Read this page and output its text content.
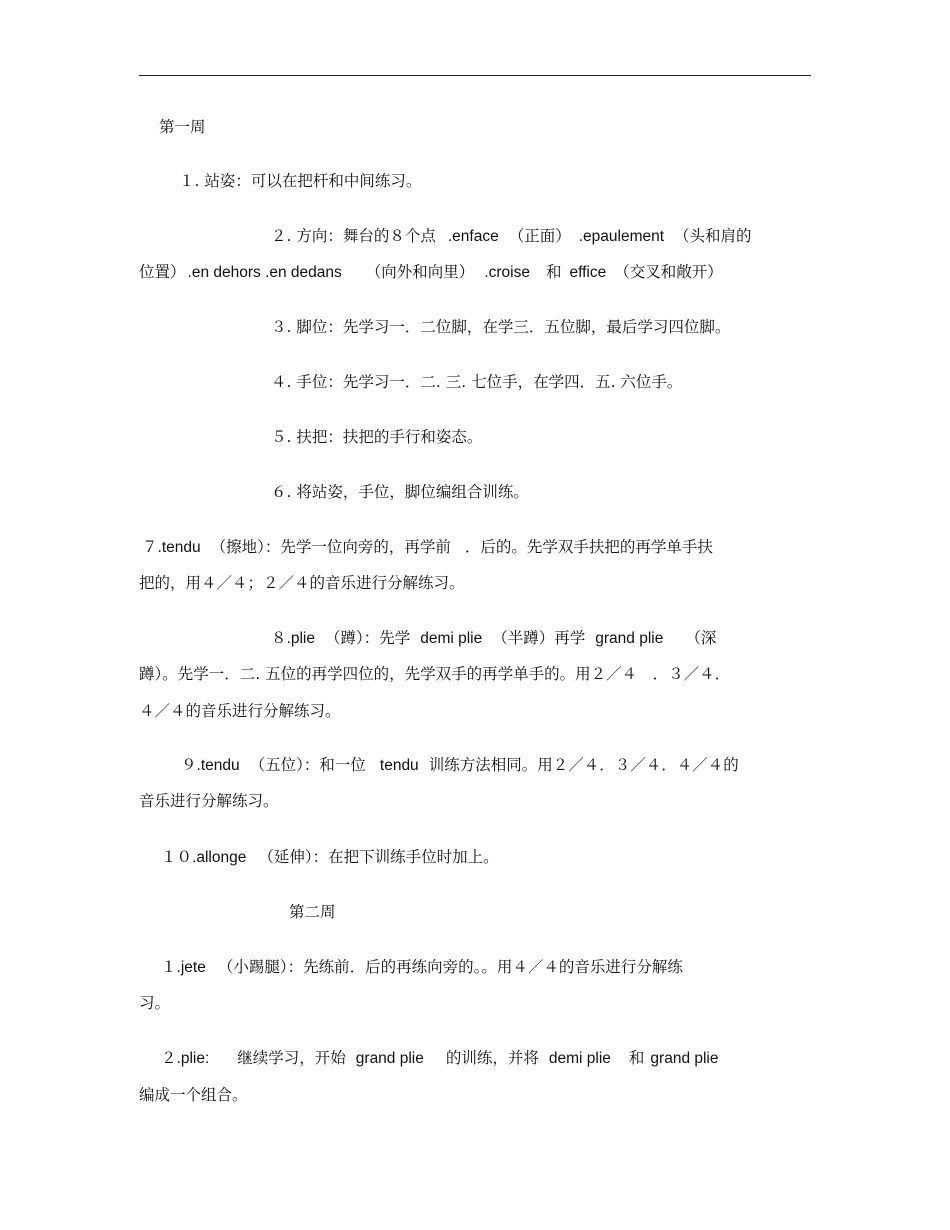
第一周

１. 站姿：可以在把杆和中间练习。

２. 方向：舞台的８个点 .enface （正面） .epaulement （头和肩的

位置） .en dehors .en dedans （向外和向里） .croise 和 effice （交叉和敞开）

３. 脚位：先学习一．二位脚，在学三．五位脚，最后学习四位脚。

４. 手位：先学习一．二. 三. 七位手，在学四．五. 六位手。

５. 扶把：扶把的手行和姿态。

６. 将站姿，手位，脚位编组合训练。

７.tendu （擦地）：先学一位向旁的，再学前 ．后的。先学双手扶把的再学单手扶

把的，用４／４；２／４的音乐进行分解练习。

８.plie （蹲）：先学 demi plie （半蹲）再学 grand plie （深

蹲）。先学一．二. 五位的再学四位的，先学双手的再学单手的。用２／４　．３／４．

４／４的音乐进行分解练习。

９.tendu （五位）：和一位 tendu 训练方法相同。用２／４．３／４．４／４的

音乐进行分解练习。

１０.allonge （延伸）：在把下训练手位时加上。

第二周

１.jete （小踢腿）：先练前．后的再练向旁的。。用４／４的音乐进行分解练

习。

２.plie: 继续学习，开始 grand plie 的训练，并将 demi plie 和 grand plie

编成一个组合。
